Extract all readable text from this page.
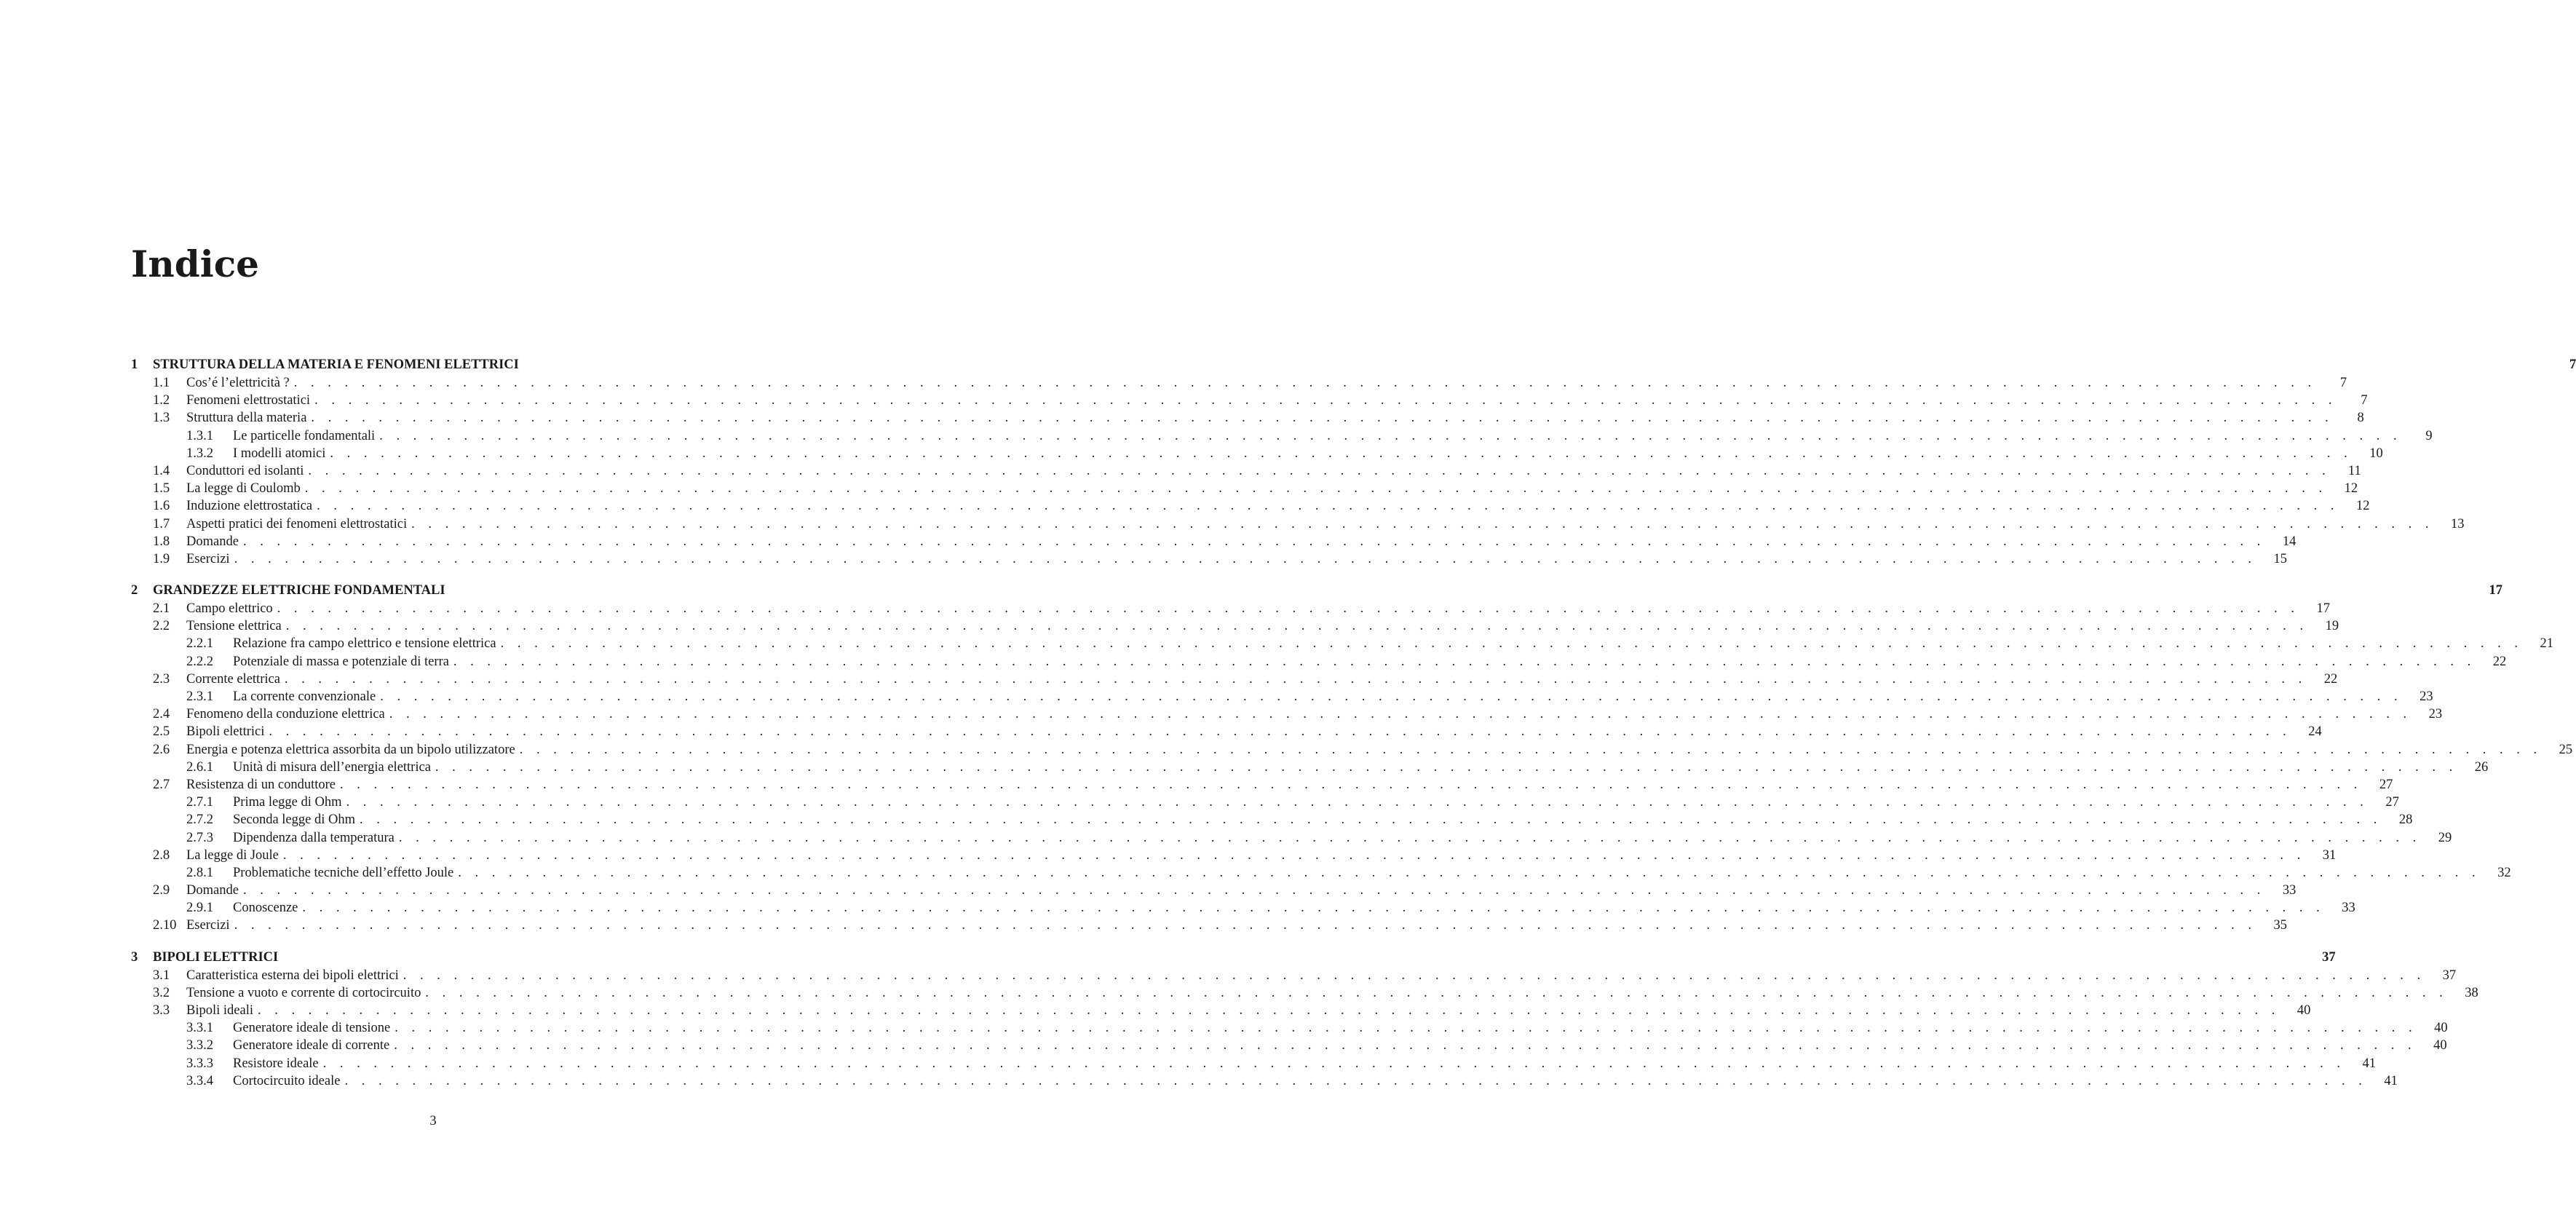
Indice
1	STRUTTURA DELLA MATERIA E FENOMENI ELETTRICI	7
1.1	Cos’é l’elettricità ? . . . . . . . . . . . . . . . . . . . . . . . . . . . . . . . . . . . . . . . . . . . . . . . . . . . . . . . . . . . . . . . . . . . . . . . . . . . . . . . . . . . . . . . . . . . . . . . . . . . . . . . . . . . . . . . . . . . . . . . .	7
1.2	Fenomeni elettrostatici . . . . . . . . . . . . . . . . . . . . . . . . . . . . . . . . . . . . . . . . . . . . . . . . . . . . . . . . . . . . . . . . . . . . . . . . . . . . . . . . . . . . . . . . . . . . . . . . . . . . . . . . . . . . . . . . . . . . . . . .	7
1.3	Struttura della materia . . . . . . . . . . . . . . . . . . . . . . . . . . . . . . . . . . . . . . . . . . . . . . . . . . . . . . . . . . . . . . . . . . . . . . . . . . . . . . . . . . . . . . . . . . . . . . . . . . . . . . . . . . . . . . . . . . . . . . . .	8
1.3.1	Le particelle fondamentali . . . . . . . . . . . . . . . . . . . . . . . . . . . . . . . . . . . . . . . . . . . . . . . . . . . . . . . . . . . . . . . . . . . . . . . . . . . . . . . . . . . . . . . . . . . . . . . . . . . . . . . . . . . . . . . . . . . . . . . .	9
1.3.2	I modelli atomici . . . . . . . . . . . . . . . . . . . . . . . . . . . . . . . . . . . . . . . . . . . . . . . . . . . . . . . . . . . . . . . . . . . . . . . . . . . . . . . . . . . . . . . . . . . . . . . . . . . . . . . . . . . . . . . . . . . . . . . .	10
1.4	Conduttori ed isolanti . . . . . . . . . . . . . . . . . . . . . . . . . . . . . . . . . . . . . . . . . . . . . . . . . . . . . . . . . . . . . . . . . . . . . . . . . . . . . . . . . . . . . . . . . . . . . . . . . . . . . . . . . . . . . . . . . . . . . . . .	11
1.5	La legge di Coulomb . . . . . . . . . . . . . . . . . . . . . . . . . . . . . . . . . . . . . . . . . . . . . . . . . . . . . . . . . . . . . . . . . . . . . . . . . . . . . . . . . . . . . . . . . . . . . . . . . . . . . . . . . . . . . . . . . . . . . . . .	12
1.6	Induzione elettrostatica . . . . . . . . . . . . . . . . . . . . . . . . . . . . . . . . . . . . . . . . . . . . . . . . . . . . . . . . . . . . . . . . . . . . . . . . . . . . . . . . . . . . . . . . . . . . . . . . . . . . . . . . . . . . . . . . . . . . . . . .	12
1.7	Aspetti pratici dei fenomeni elettrostatici . . . . . . . . . . . . . . . . . . . . . . . . . . . . . . . . . . . . . . . . . . . . . . . . . . . . . . . . . . . . . . . . . . . . . . . . . . . . . . . . . . . . . . . . . . . . . . . . . . . . . . . . . . . . . . . . . . . . . . . .	13
1.8	Domande . . . . . . . . . . . . . . . . . . . . . . . . . . . . . . . . . . . . . . . . . . . . . . . . . . . . . . . . . . . . . . . . . . . . . . . . . . . . . . . . . . . . . . . . . . . . . . . . . . . . . . . . . . . . . . . . . . . . . . . .	14
1.9	Esercizi . . . . . . . . . . . . . . . . . . . . . . . . . . . . . . . . . . . . . . . . . . . . . . . . . . . . . . . . . . . . . . . . . . . . . . . . . . . . . . . . . . . . . . . . . . . . . . . . . . . . . . . . . . . . . . . . . . . . . . . .	15
2	GRANDEZZE ELETTRICHE FONDAMENTALI	17
2.1	Campo elettrico . . . . . . . . . . . . . . . . . . . . . . . . . . . . . . . . . . . . . . . . . . . . . . . . . . . . . . . . . . . . . . . . . . . . . . . . . . . . . . . . . . . . . . . . . . . . . . . . . . . . . . . . . . . . . . . . . . . . . . . .	17
2.2	Tensione elettrica . . . . . . . . . . . . . . . . . . . . . . . . . . . . . . . . . . . . . . . . . . . . . . . . . . . . . . . . . . . . . . . . . . . . . . . . . . . . . . . . . . . . . . . . . . . . . . . . . . . . . . . . . . . . . . . . . . . . . . . .	19
2.2.1	Relazione fra campo elettrico e tensione elettrica . . . . . . . . . . . . . . . . . . . . . . . . . . . . . . . . . . . . . . . . . . . . . . . . . . . . . . . . . . . . . . . . . . . . . . . . . . . . . . . . . . . . . . . . . . . . . . . . . . . . . . . . . . . . . . . . . . . . . . . .	21
2.2.2	Potenziale di massa e potenziale di terra . . . . . . . . . . . . . . . . . . . . . . . . . . . . . . . . . . . . . . . . . . . . . . . . . . . . . . . . . . . . . . . . . . . . . . . . . . . . . . . . . . . . . . . . . . . . . . . . . . . . . . . . . . . . . . . . . . . . . . . .	22
2.3	Corrente elettrica . . . . . . . . . . . . . . . . . . . . . . . . . . . . . . . . . . . . . . . . . . . . . . . . . . . . . . . . . . . . . . . . . . . . . . . . . . . . . . . . . . . . . . . . . . . . . . . . . . . . . . . . . . . . . . . . . . . . . . . .	22
2.3.1	La corrente convenzionale . . . . . . . . . . . . . . . . . . . . . . . . . . . . . . . . . . . . . . . . . . . . . . . . . . . . . . . . . . . . . . . . . . . . . . . . . . . . . . . . . . . . . . . . . . . . . . . . . . . . . . . . . . . . . . . . . . . . . . . .	23
2.4	Fenomeno della conduzione elettrica . . . . . . . . . . . . . . . . . . . . . . . . . . . . . . . . . . . . . . . . . . . . . . . . . . . . . . . . . . . . . . . . . . . . . . . . . . . . . . . . . . . . . . . . . . . . . . . . . . . . . . . . . . . . . . . . . . . . . . . .	23
2.5	Bipoli elettrici . . . . . . . . . . . . . . . . . . . . . . . . . . . . . . . . . . . . . . . . . . . . . . . . . . . . . . . . . . . . . . . . . . . . . . . . . . . . . . . . . . . . . . . . . . . . . . . . . . . . . . . . . . . . . . . . . . . . . . . .	24
2.6	Energia e potenza elettrica assorbita da un bipolo utilizzatore . . . . . . . . . . . . . . . . . . . . . . . . . . . . . . . . . . . . . . . . . . . . . . . . . . . . . . . . . . . . . . . . . . . . . . . . . . . . . . . . . . . . . . . . . . . . . . . . . . . . . . . . . . . . . . . . . . . . . . . .	25
2.6.1	Unità di misura dell’energia elettrica . . . . . . . . . . . . . . . . . . . . . . . . . . . . . . . . . . . . . . . . . . . . . . . . . . . . . . . . . . . . . . . . . . . . . . . . . . . . . . . . . . . . . . . . . . . . . . . . . . . . . . . . . . . . . . . . . . . . . . . .	26
2.7	Resistenza di un conduttore . . . . . . . . . . . . . . . . . . . . . . . . . . . . . . . . . . . . . . . . . . . . . . . . . . . . . . . . . . . . . . . . . . . . . . . . . . . . . . . . . . . . . . . . . . . . . . . . . . . . . . . . . . . . . . . . . . . . . . . .	27
2.7.1	Prima legge di Ohm . . . . . . . . . . . . . . . . . . . . . . . . . . . . . . . . . . . . . . . . . . . . . . . . . . . . . . . . . . . . . . . . . . . . . . . . . . . . . . . . . . . . . . . . . . . . . . . . . . . . . . . . . . . . . . . . . . . . . . . .	27
2.7.2	Seconda legge di Ohm . . . . . . . . . . . . . . . . . . . . . . . . . . . . . . . . . . . . . . . . . . . . . . . . . . . . . . . . . . . . . . . . . . . . . . . . . . . . . . . . . . . . . . . . . . . . . . . . . . . . . . . . . . . . . . . . . . . . . . . .	28
2.7.3	Dipendenza dalla temperatura . . . . . . . . . . . . . . . . . . . . . . . . . . . . . . . . . . . . . . . . . . . . . . . . . . . . . . . . . . . . . . . . . . . . . . . . . . . . . . . . . . . . . . . . . . . . . . . . . . . . . . . . . . . . . . . . . . . . . . . .	29
2.8	La legge di Joule . . . . . . . . . . . . . . . . . . . . . . . . . . . . . . . . . . . . . . . . . . . . . . . . . . . . . . . . . . . . . . . . . . . . . . . . . . . . . . . . . . . . . . . . . . . . . . . . . . . . . . . . . . . . . . . . . . . . . . . .	31
2.8.1	Problematiche tecniche dell’effetto Joule . . . . . . . . . . . . . . . . . . . . . . . . . . . . . . . . . . . . . . . . . . . . . . . . . . . . . . . . . . . . . . . . . . . . . . . . . . . . . . . . . . . . . . . . . . . . . . . . . . . . . . . . . . . . . . . . . . . . . . . .	32
2.9	Domande . . . . . . . . . . . . . . . . . . . . . . . . . . . . . . . . . . . . . . . . . . . . . . . . . . . . . . . . . . . . . . . . . . . . . . . . . . . . . . . . . . . . . . . . . . . . . . . . . . . . . . . . . . . . . . . . . . . . . . . .	33
2.9.1	Conoscenze . . . . . . . . . . . . . . . . . . . . . . . . . . . . . . . . . . . . . . . . . . . . . . . . . . . . . . . . . . . . . . . . . . . . . . . . . . . . . . . . . . . . . . . . . . . . . . . . . . . . . . . . . . . . . . . . . . . . . . . .	33
2.10 Esercizi . . . . . . . . . . . . . . . . . . . . . . . . . . . . . . . . . . . . . . . . . . . . . . . . . . . . . . . . . . . . . . . . . . . . . . . . . . . . . . . . . . . . . . . . . . . . . . . . . . . . . . . . . . . . . . . . . . . . . . . .	35
3	BIPOLI ELETTRICI	37
3.1	Caratteristica esterna dei bipoli elettrici . . . . . . . . . . . . . . . . . . . . . . . . . . . . . . . . . . . . . . . . . . . . . . . . . . . . . . . . . . . . . . . . . . . . . . . . . . . . . . . . . . . . . . . . . . . . . . . . . . . . . . . . . . . . . . . . . . . . . . . .	37
3.2	Tensione a vuoto e corrente di cortocircuito . . . . . . . . . . . . . . . . . . . . . . . . . . . . . . . . . . . . . . . . . . . . . . . . . . . . . . . . . . . . . . . . . . . . . . . . . . . . . . . . . . . . . . . . . . . . . . . . . . . . . . . . . . . . . . . . . . . . . . . .	38
3.3	Bipoli ideali . . . . . . . . . . . . . . . . . . . . . . . . . . . . . . . . . . . . . . . . . . . . . . . . . . . . . . . . . . . . . . . . . . . . . . . . . . . . . . . . . . . . . . . . . . . . . . . . . . . . . . . . . . . . . . . . . . . . . . . .	40
3.3.1	Generatore ideale di tensione . . . . . . . . . . . . . . . . . . . . . . . . . . . . . . . . . . . . . . . . . . . . . . . . . . . . . . . . . . . . . . . . . . . . . . . . . . . . . . . . . . . . . . . . . . . . . . . . . . . . . . . . . . . . . . . . . . . . . . . .	40
3.3.2	Generatore ideale di corrente . . . . . . . . . . . . . . . . . . . . . . . . . . . . . . . . . . . . . . . . . . . . . . . . . . . . . . . . . . . . . . . . . . . . . . . . . . . . . . . . . . . . . . . . . . . . . . . . . . . . . . . . . . . . . . . . . . . . . . . .	40
3.3.3	Resistore ideale . . . . . . . . . . . . . . . . . . . . . . . . . . . . . . . . . . . . . . . . . . . . . . . . . . . . . . . . . . . . . . . . . . . . . . . . . . . . . . . . . . . . . . . . . . . . . . . . . . . . . . . . . . . . . . . . . . . . . . . .	41
3.3.4	Cortocircuito ideale . . . . . . . . . . . . . . . . . . . . . . . . . . . . . . . . . . . . . . . . . . . . . . . . . . . . . . . . . . . . . . . . . . . . . . . . . . . . . . . . . . . . . . . . . . . . . . . . . . . . . . . . . . . . . . . . . . . . . . . .	41
3
